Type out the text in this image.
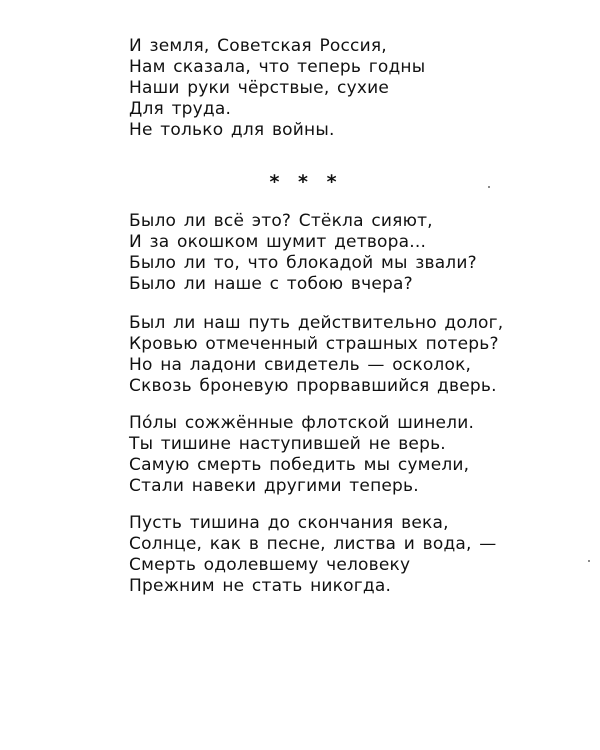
И земля, Советская Россия,
Нам сказала, что теперь годны
Наши руки чёрствые, сухие
Для труда.
Не только для войны.
* * *
Было ли всё это? Стёкла сияют,
И за окошком шумит детвора...
Было ли то, что блокадой мы звали?
Было ли наше с тобою вчера?
Был ли наш путь действительно долог,
Кровью отмеченный страшных потерь?
Но на ладони свидетель — осколок,
Сквозь броневую прорвавшийся дверь.
По́лы сожжённые флотской шинели.
Ты тишине наступившей не верь.
Самую смерть победить мы сумели,
Стали навеки другими теперь.
Пусть тишина до скончания века,
Солнце, как в песне, листва и вода, —
Смерть одолевшему человеку
Прежним не стать никогда.
